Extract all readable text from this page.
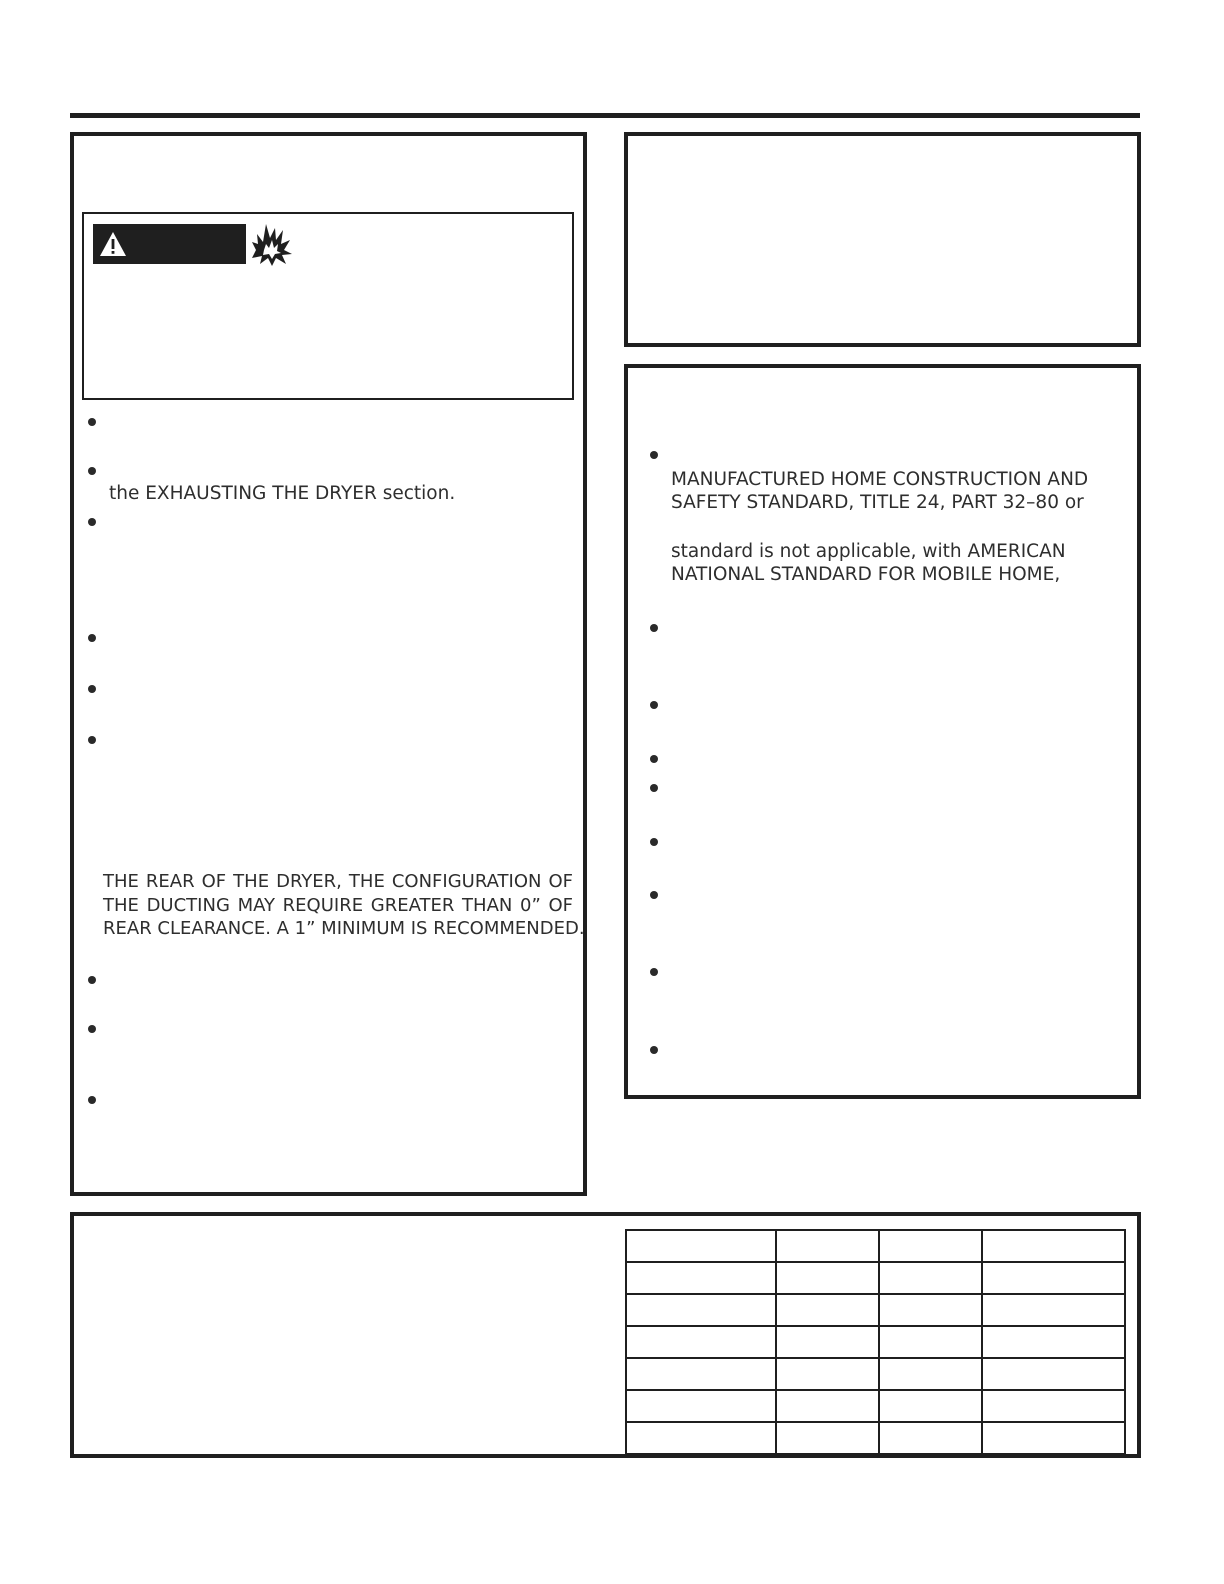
the EXHAUSTING THE DRYER section.
THE REAR OF THE DRYER, THE CONFIGURATION OF
THE DUCTING MAY REQUIRE GREATER THAN 0” OF
REAR CLEARANCE. A 1” MINIMUM IS RECOMMENDED.
MANUFACTURED HOME CONSTRUCTION AND
SAFETY STANDARD, TITLE 24, PART 32–80 or
standard is not applicable, with AMERICAN
NATIONAL STANDARD FOR MOBILE HOME,
